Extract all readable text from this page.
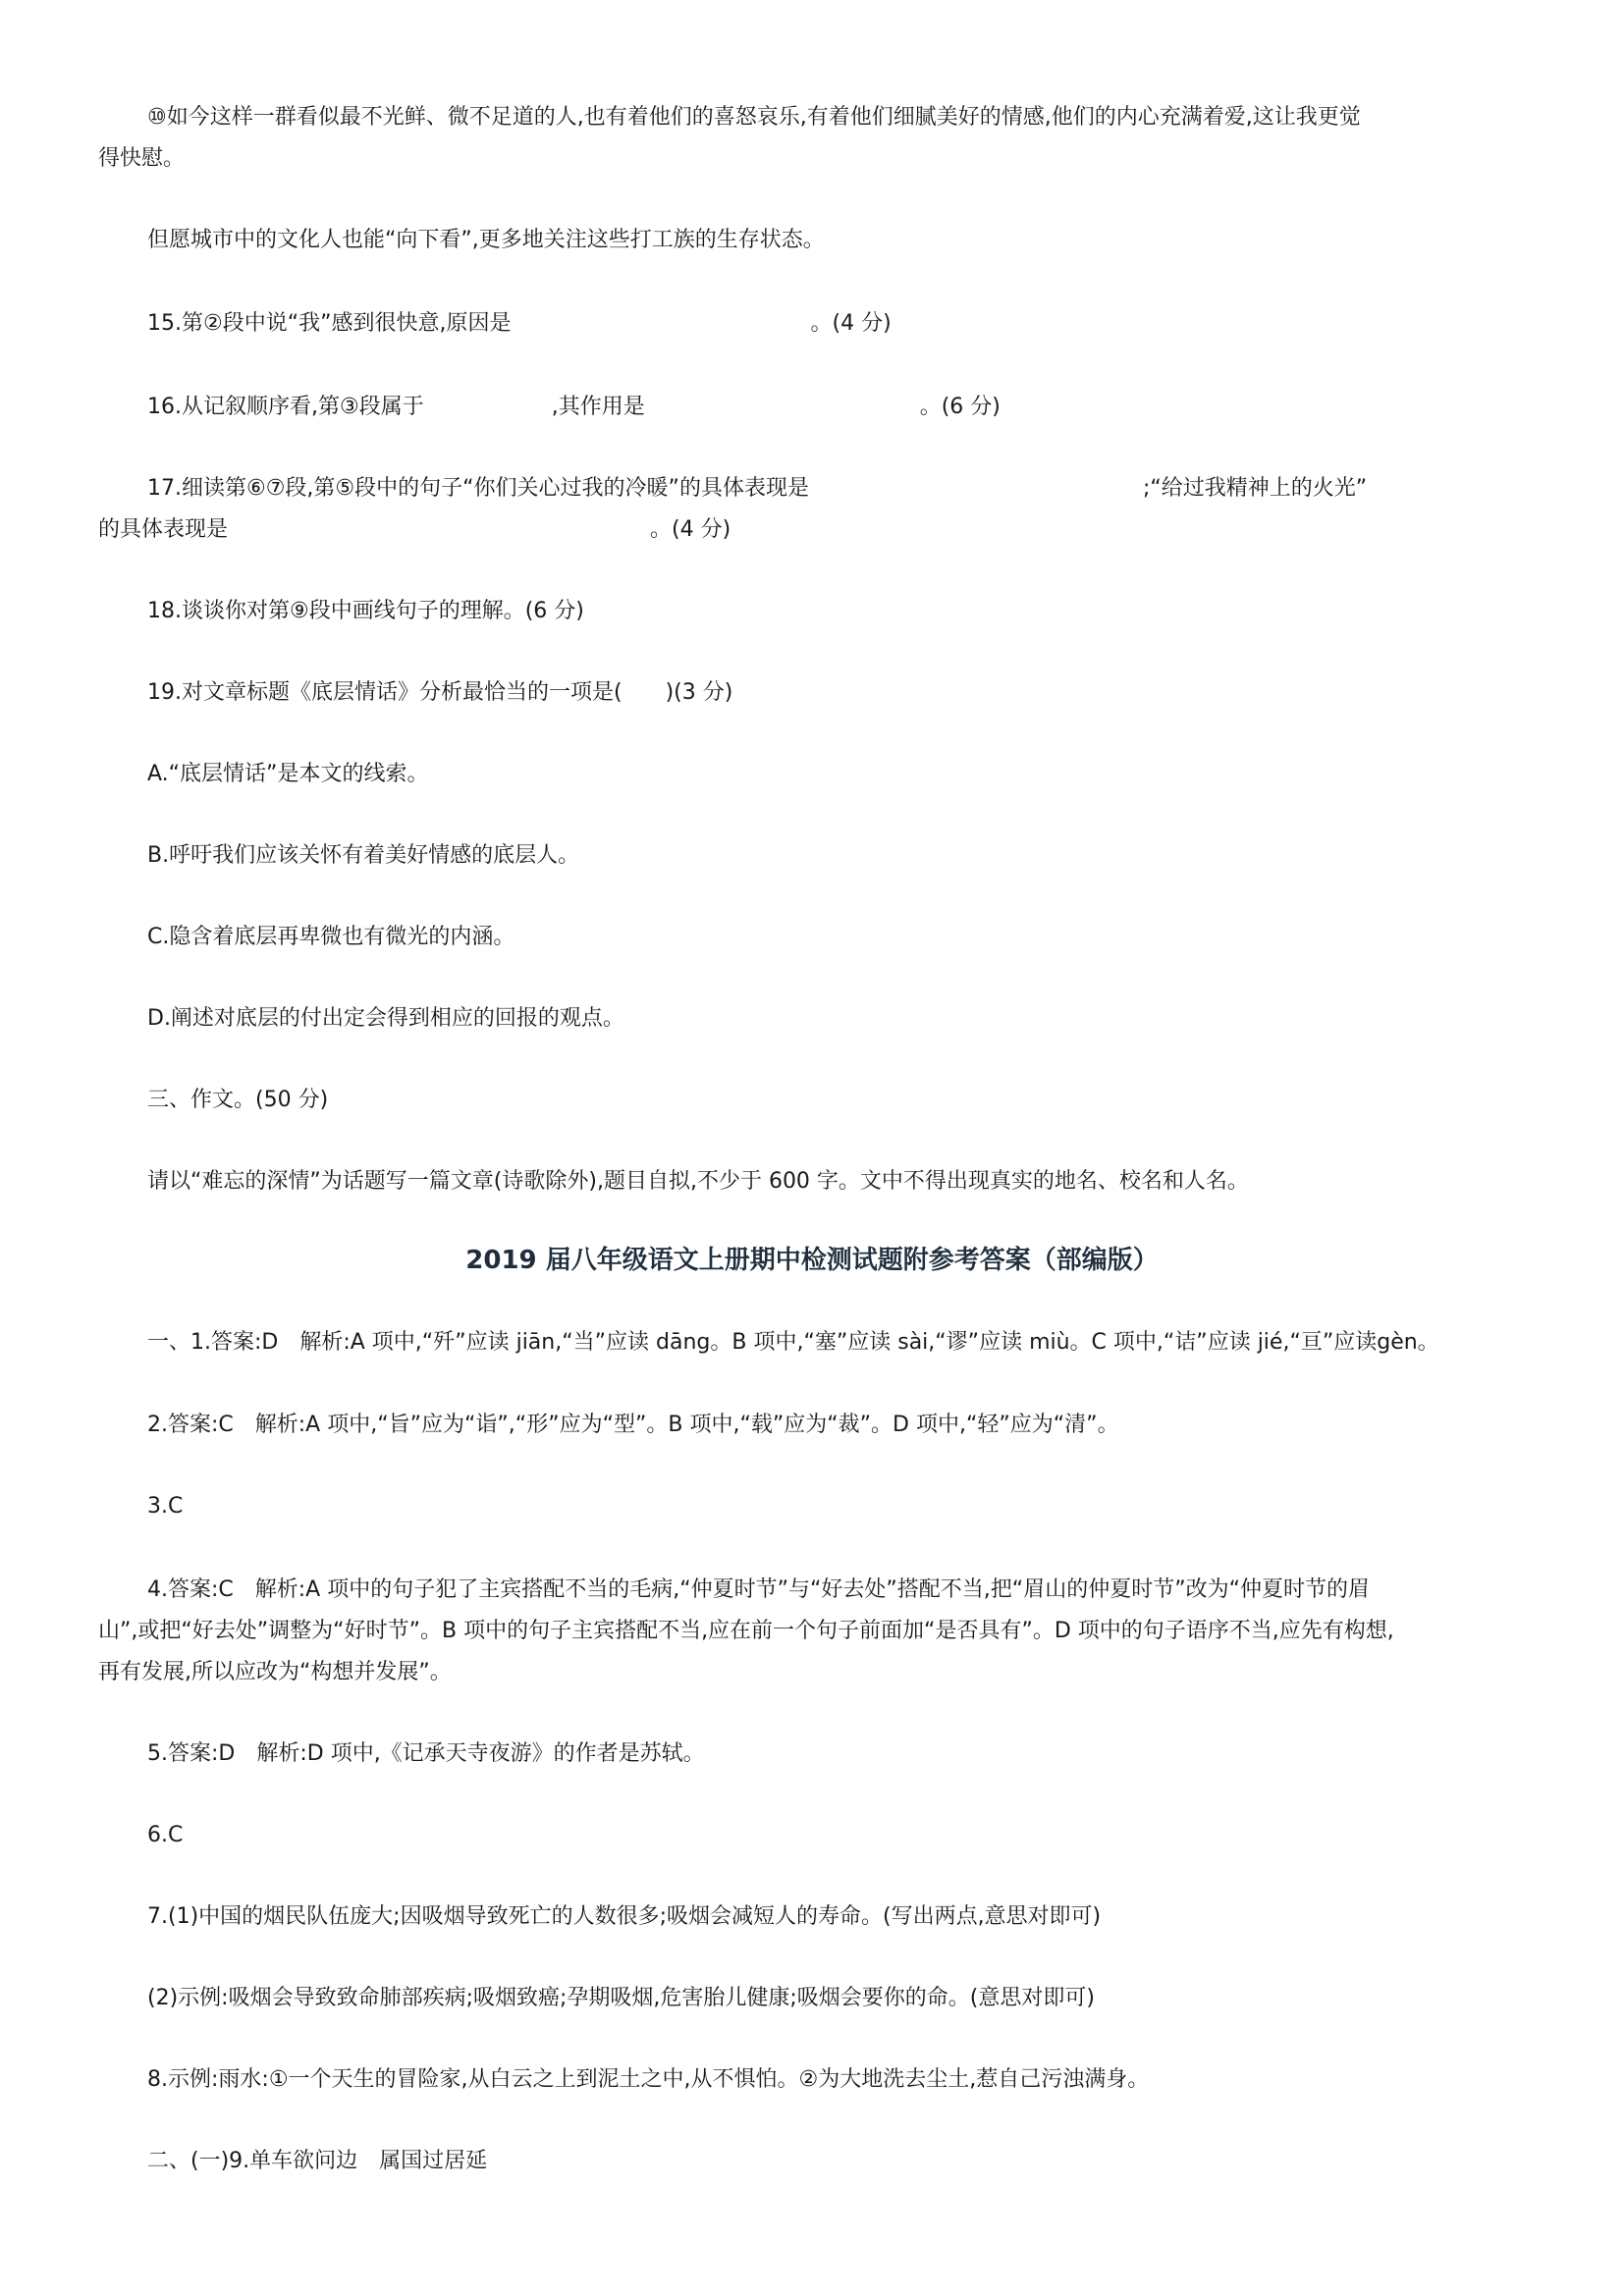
⑩如今这样一群看似最不光鲜、微不足道的人,也有着他们的喜怒哀乐,有着他们细腻美好的情感,他们的内心充满着爱,这让我更觉
得快慰。
但愿城市中的文化人也能“向下看”,更多地关注这些打工族的生存状态。
15.第②段中说“我”感到很快意,原因是	。(4 分)
16.从记叙顺序看,第③段属于	,其作用是	。(6 分)
17.细读第⑥⑦段,第⑤段中的句子“你们关心过我的冷暖”的具体表现是	;“给过我精神上的火光”
的具体表现是	。(4 分)
18.谈谈你对第⑨段中画线句子的理解。(6 分)
19.对文章标题《底层情话》分析最恰当的一项是(　　)(3 分)
A.“底层情话”是本文的线索。
B.呼吁我们应该关怀有着美好情感的底层人。
C.隐含着底层再卑微也有微光的内涵。
D.阐述对底层的付出定会得到相应的回报的观点。
三、作文。(50 分)
请以“难忘的深情”为话题写一篇文章(诗歌除外),题目自拟,不少于 600 字。文中不得出现真实的地名、校名和人名。
2019 届八年级语文上册期中检测试题附参考答案（部编版）
一、1.答案:D　解析:A 项中,“歼”应读 jiān,“当”应读 dāng。B 项中,“塞”应读 sài,“谬”应读 miù。C 项中,“诘”应读 jié,“亘”应读gèn。
2.答案:C　解析:A 项中,“旨”应为“诣”,“形”应为“型”。B 项中,“载”应为“裁”。D 项中,“轻”应为“清”。
3.C
4.答案:C　解析:A 项中的句子犯了主宾搭配不当的毛病,“仲夏时节”与“好去处”搭配不当,把“眉山的仲夏时节”改为“仲夏时节的眉
山”,或把“好去处”调整为“好时节”。B 项中的句子主宾搭配不当,应在前一个句子前面加“是否具有”。D 项中的句子语序不当,应先有构想,
再有发展,所以应改为“构想并发展”。
5.答案:D　解析:D 项中,《记承天寺夜游》的作者是苏轼。
6.C
7.(1)中国的烟民队伍庞大;因吸烟导致死亡的人数很多;吸烟会减短人的寿命。(写出两点,意思对即可)
(2)示例:吸烟会导致致命肺部疾病;吸烟致癌;孕期吸烟,危害胎儿健康;吸烟会要你的命。(意思对即可)
8.示例:雨水:①一个天生的冒险家,从白云之上到泥土之中,从不惧怕。②为大地洗去尘土,惹自己污浊满身。
二、(一)9.单车欲问边　属国过居延
